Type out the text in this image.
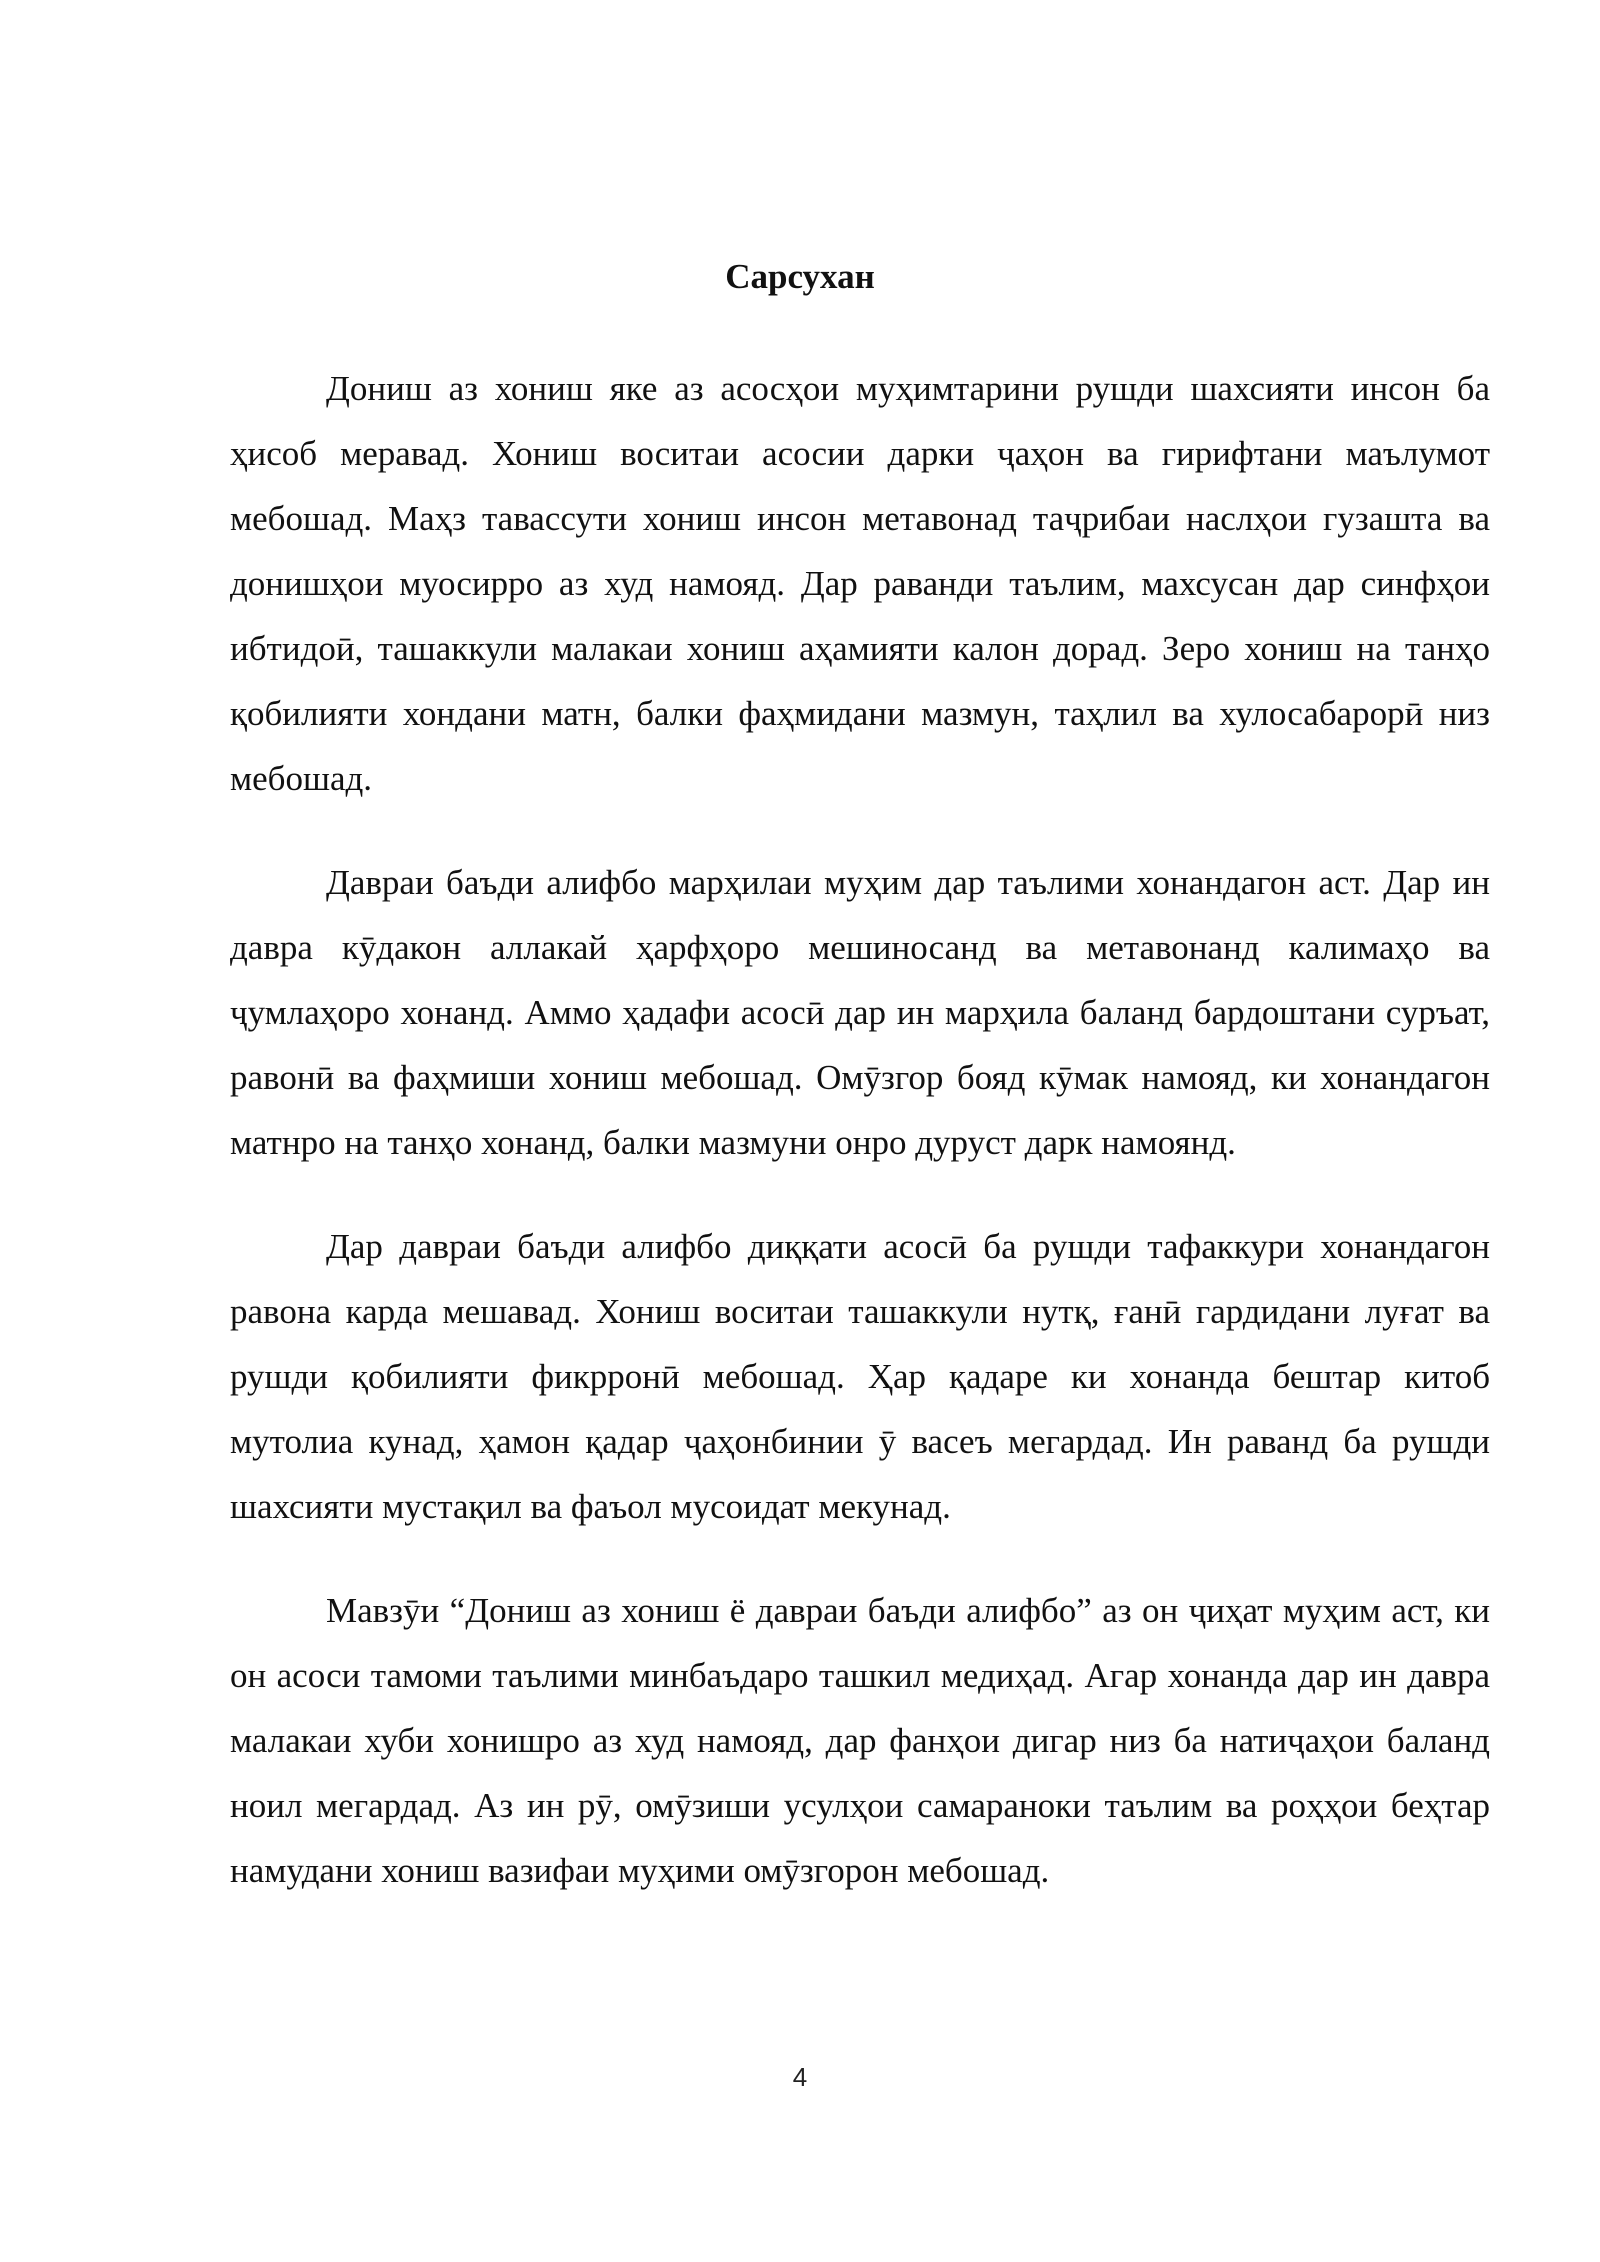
Сарсухан

Дониш аз хониш яке аз асосҳои муҳимтарини рушди шахсияти инсон ба ҳисоб меравад. Хониш воситаи асосии дарки ҷаҳон ва гирифтани маълумот мебошад. Маҳз тавассути хониш инсон метавонад таҷрибаи наслҳои гузашта ва донишҳои муосирро аз худ намояд. Дар раванди таълим, махсусан дар синфҳои ибтидоӣ, ташаккули малакаи хониш аҳамияти калон дорад. Зеро хониш на танҳо қобилияти хондани матн, балки фаҳмидани мазмун, таҳлил ва хулосабарорӣ низ мебошад.

Давраи баъди алифбо марҳилаи муҳим дар таълими хонандагон аст. Дар ин давра кӯдакон аллакай ҳарфҳоро мешиносанд ва метавонанд калимаҳо ва ҷумлаҳоро хонанд. Аммо ҳадафи асосӣ дар ин марҳила баланд бардоштани суръат, равонӣ ва фаҳмиши хониш мебошад. Омӯзгор бояд кӯмак намояд, ки хонандагон матнро на танҳо хонанд, балки мазмуни онро дуруст дарк намоянд.

Дар давраи баъди алифбо диққати асосӣ ба рушди тафаккури хонандагон равона карда мешавад. Хониш воситаи ташаккули нутқ, ғанӣ гардидани луғат ва рушди қобилияти фикрронӣ мебошад. Ҳар қадаре ки хонанда бештар китоб мутолиа кунад, ҳамон қадар ҷаҳонбинии ӯ васеъ мегардад. Ин раванд ба рушди шахсияти мустақил ва фаъол мусоидат мекунад.

Мавзӯи “Дониш аз хониш ё давраи баъди алифбо” аз он ҷиҳат муҳим аст, ки он асоси тамоми таълими минбаъдаро ташкил медиҳад. Агар хонанда дар ин давра малакаи хуби хонишро аз худ намояд, дар фанҳои дигар низ ба натиҷаҳои баланд ноил мегардад. Аз ин рӯ, омӯзиши усулҳои самараноки таълим ва роҳҳои беҳтар намудани хониш вазифаи муҳими омӯзгорон мебошад.

4
